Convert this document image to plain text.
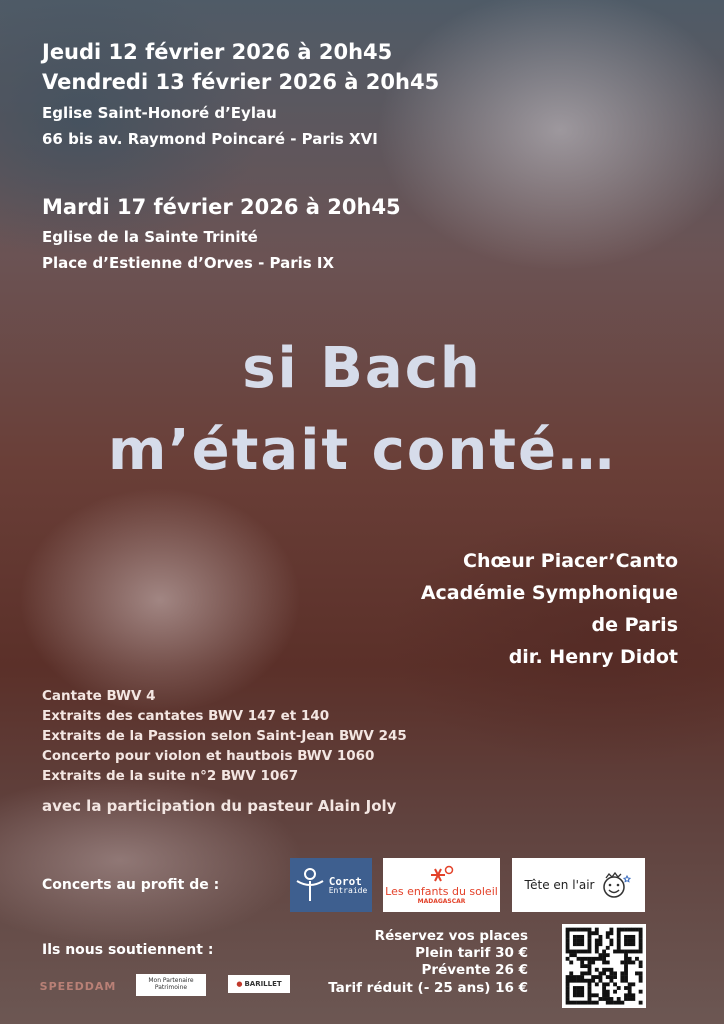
Jeudi 12 février 2026 à 20h45
Vendredi 13 février 2026 à 20h45
Eglise Saint-Honoré d’Eylau
66 bis av. Raymond Poincaré - Paris XVI
Mardi 17 février 2026 à 20h45
Eglise de la Sainte Trinité
Place d’Estienne d’Orves - Paris IX
si Bach
m’était conté…
Chœur Piacer’Canto
Académie Symphonique
de Paris
dir. Henry Didot
Cantate BWV 4
Extraits des cantates BWV 147 et 140
Extraits de la Passion selon Saint-Jean BWV 245
Concerto pour violon et hautbois BWV 1060
Extraits de la suite n°2 BWV 1067
avec la participation du pasteur Alain Joly
Concerts au profit de :	Corot
Entraide Les enfants du soleil
MADAGASCAR
Tête en l'air
Ils nous soutiennent :
SPEEDDAM	Mon Partenaire Patrimoine	● BARILLET
Réservez vos places
Plein tarif 30 €
Prévente 26 €
Tarif réduit (- 25 ans) 16 €
